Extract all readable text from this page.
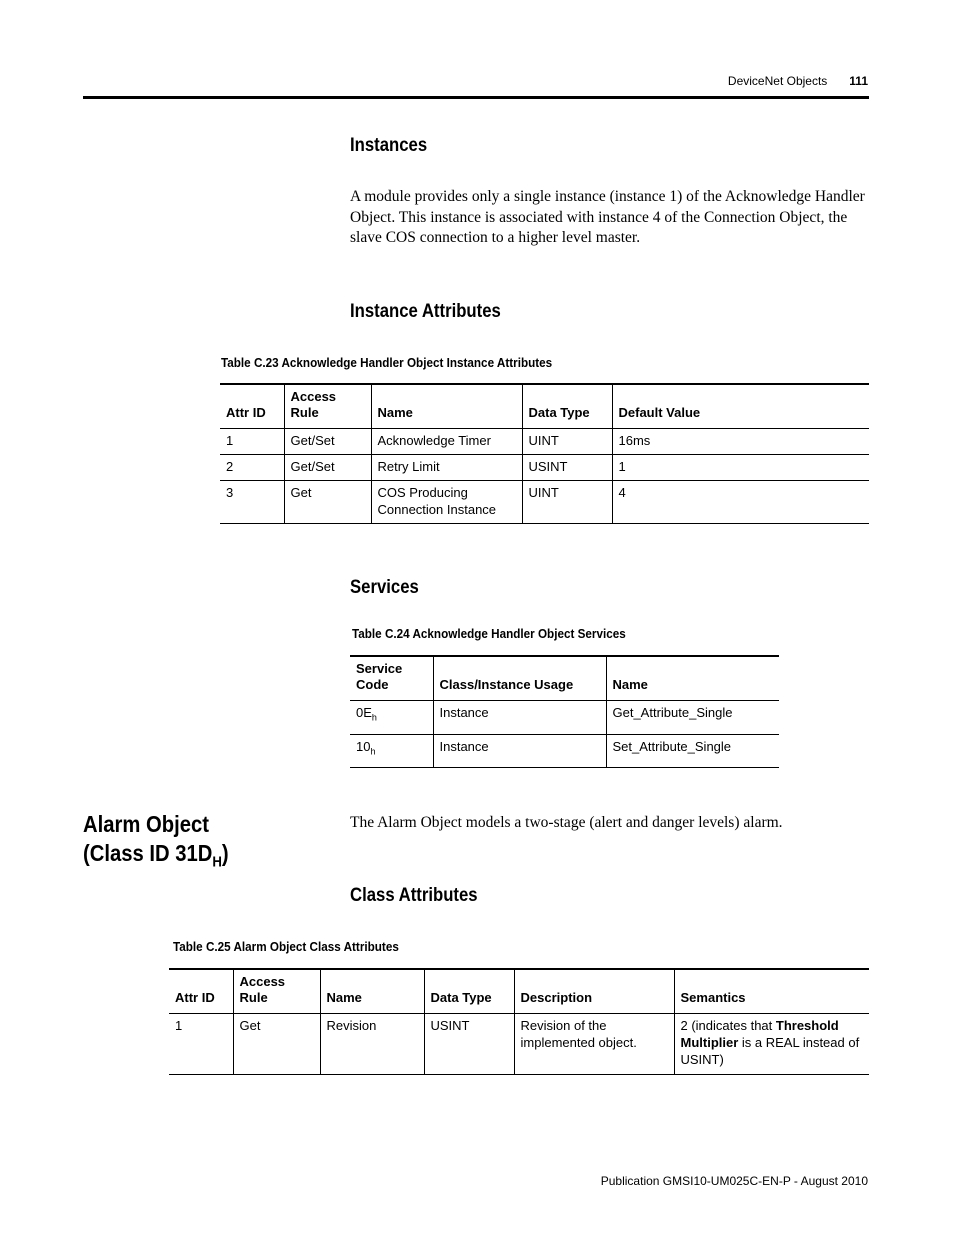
DeviceNet Objects 111
Instances

A module provides only a single instance (instance 1) of the Acknowledge Handler Object. This instance is associated with instance 4 of the Connection Object, the slave COS connection to a higher level master.

Instance Attributes
Table C.23 Acknowledge Handler Object Instance Attributes
Attr ID	Access Rule	Name	Data Type	Default Value
1	Get/Set	Acknowledge Timer	UINT	16ms
2	Get/Set	Retry Limit	USINT	1
3	Get	COS Producing Connection Instance	UINT	4
Services
Table C.24 Acknowledge Handler Object Services
Service Code	Class/Instance Usage	Name
$0E_h$	Instance	Get_Attribute_Single
$10_h$	Instance	Set_Attribute_Single
Alarm Object
(Class ID $31D_H$)

The Alarm Object models a two-stage (alert and danger levels) alarm.

Class Attributes
Table C.25 Alarm Object Class Attributes
Attr ID	Access Rule	Name	Data Type	Description	Semantics
1	Get	Revision	USINT	Revision of the implemented object.	2 (indicates that Threshold Multiplier is a REAL instead of USINT)
Publication GMSI10-UM025C-EN-P - August 2010
